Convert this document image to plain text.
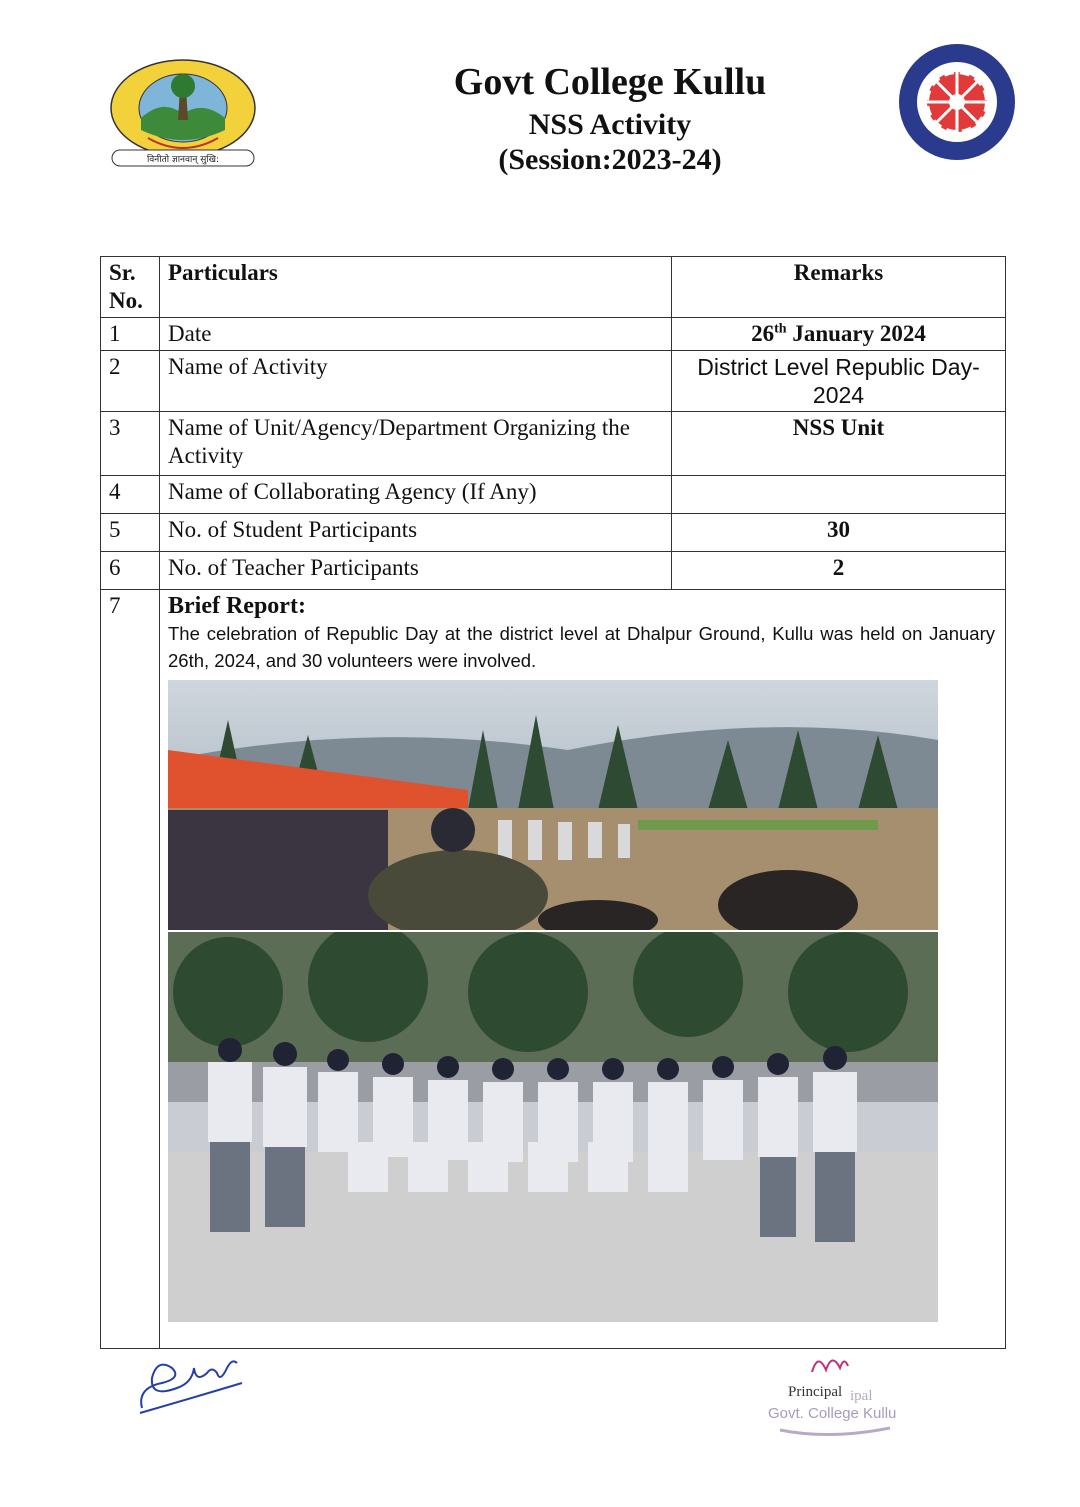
विनीतो ज्ञानवान् सुखि:
Govt College Kullu
NSS Activity
(Session:2023-24)
Sr. No.	Particulars	Remarks
1	Date	26th January 2024
2	Name of Activity	District Level Republic Day-2024
3	Name of Unit/Agency/Department Organizing the Activity	NSS Unit
4	Name of Collaborating Agency (If Any)	
5	No. of Student Participants	30
6	No. of Teacher Participants	2
7	Brief Report:
The celebration of Republic Day at the district level at Dhalpur Ground, Kullu was held on January 26th, 2024, and 30 volunteers were involved.	
ipal
Govt. College Kullu
Principal
